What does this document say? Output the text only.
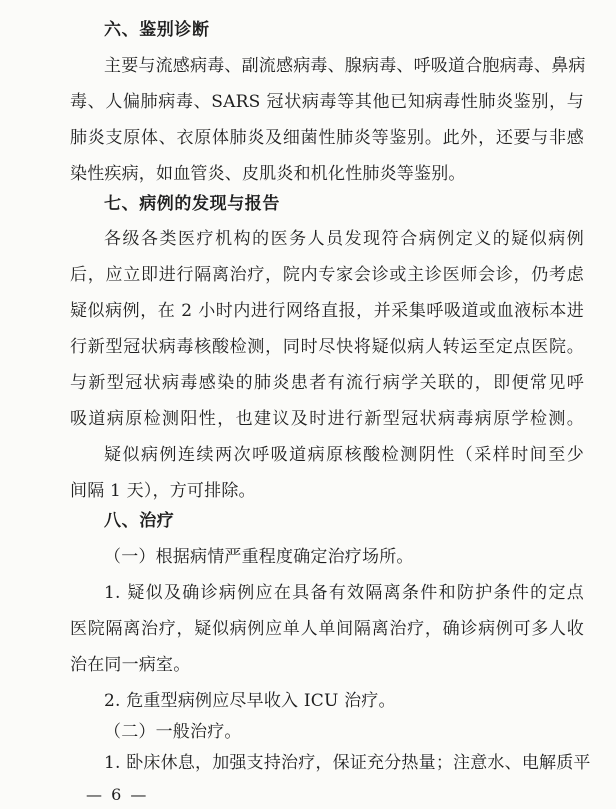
六、鉴别诊断
主要与流感病毒、副流感病毒、腺病毒、呼吸道合胞病毒、鼻病
毒、人偏肺病毒、SARS 冠状病毒等其他已知病毒性肺炎鉴别，与
肺炎支原体、衣原体肺炎及细菌性肺炎等鉴别。此外，还要与非感
染性疾病，如血管炎、皮肌炎和机化性肺炎等鉴别。
七、病例的发现与报告
各级各类医疗机构的医务人员发现符合病例定义的疑似病例
后，应立即进行隔离治疗，院内专家会诊或主诊医师会诊，仍考虑
疑似病例，在 2 小时内进行网络直报，并采集呼吸道或血液标本进
行新型冠状病毒核酸检测，同时尽快将疑似病人转运至定点医院。
与新型冠状病毒感染的肺炎患者有流行病学关联的，即便常见呼
吸道病原检测阳性，也建议及时进行新型冠状病毒病原学检测。
疑似病例连续两次呼吸道病原核酸检测阴性（采样时间至少
间隔 1 天），方可排除。
八、治疗
（一）根据病情严重程度确定治疗场所。
1. 疑似及确诊病例应在具备有效隔离条件和防护条件的定点
医院隔离治疗，疑似病例应单人单间隔离治疗，确诊病例可多人收
治在同一病室。
2. 危重型病例应尽早收入 ICU 治疗。
（二）一般治疗。
1. 卧床休息，加强支持治疗，保证充分热量；注意水、电解质平
— 6 —
